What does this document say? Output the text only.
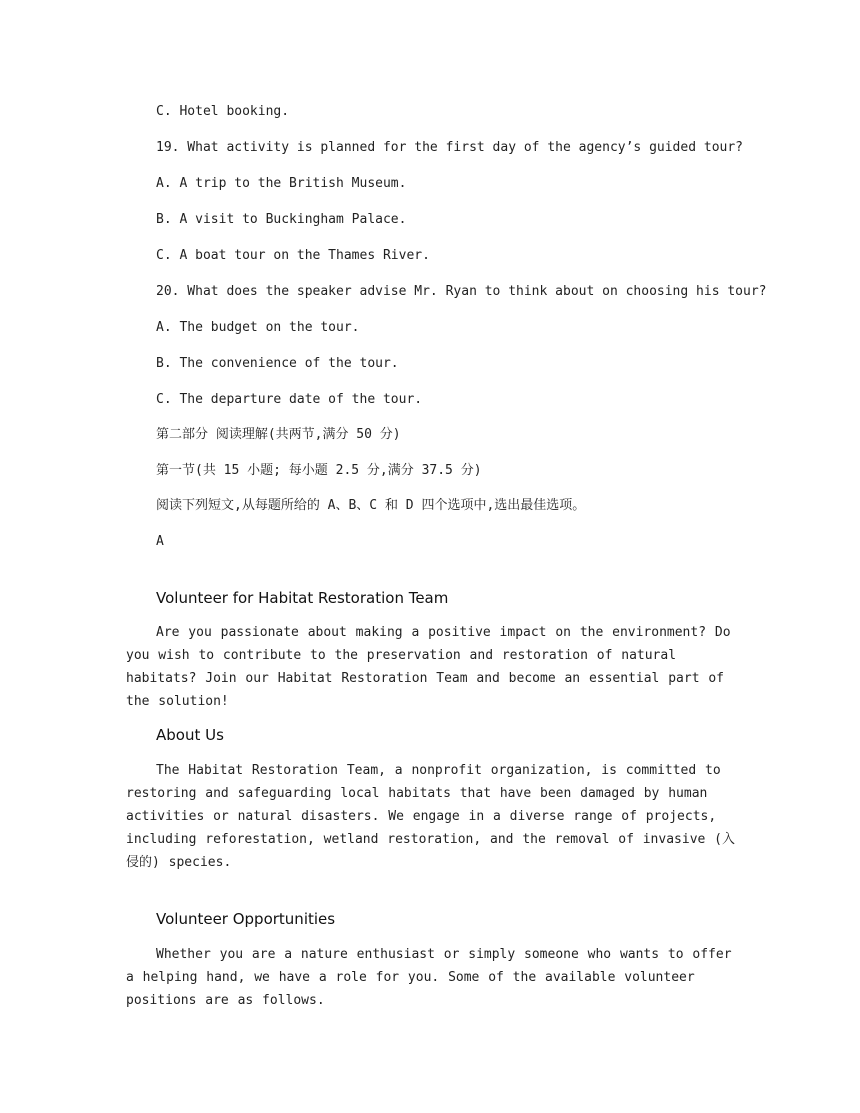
C. Hotel booking.
19. What activity is planned for the first day of the agency’s guided tour?
A. A trip to the British Museum.
B. A visit to Buckingham Palace.
C. A boat tour on the Thames River.
20. What does the speaker advise Mr. Ryan to think about on choosing his tour?
A. The budget on the tour.
B. The convenience of the tour.
C. The departure date of the tour.
第二部分 阅读理解(共两节,满分 50 分)
第一节(共 15 小题; 每小题 2.5 分,满分 37.5 分)
阅读下列短文,从每题所给的 A、B、C 和 D 四个选项中,选出最佳选项。
A
Volunteer for Habitat Restoration Team
Are you passionate about making a positive impact on the environment? Do you wish to contribute to the preservation and restoration of natural habitats? Join our Habitat Restoration Team and become an essential part of the solution!
About Us
The Habitat Restoration Team, a nonprofit organization, is committed to restoring and safeguarding local habitats that have been damaged by human activities or natural disasters. We engage in a diverse range of projects, including reforestation, wetland restoration, and the removal of invasive (入侵的) species.
Volunteer Opportunities
Whether you are a nature enthusiast or simply someone who wants to offer a helping hand, we have a role for you. Some of the available volunteer positions are as follows.
